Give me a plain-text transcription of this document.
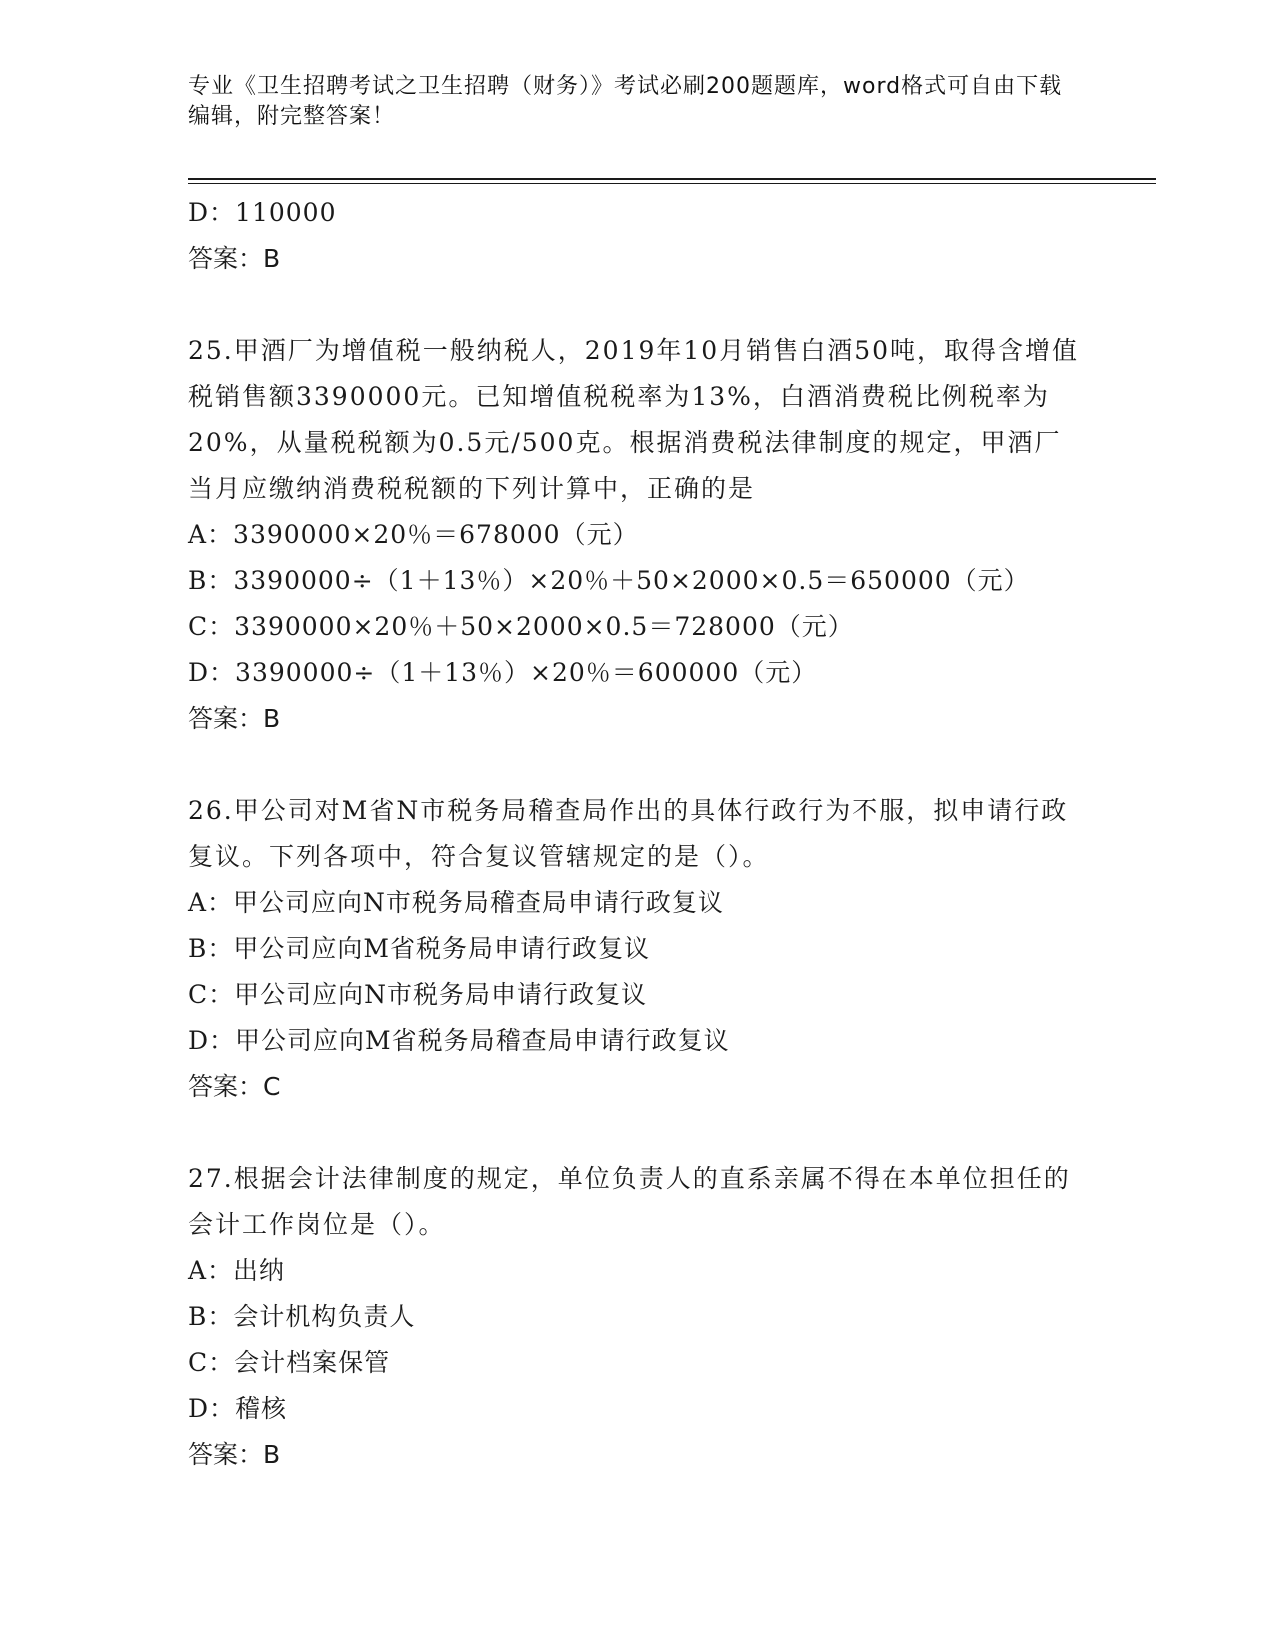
专业《卫生招聘考试之卫生招聘（财务）》考试必刷200题题库，word格式可自由下载编辑，附完整答案！
D：110000
答案：B
25.甲酒厂为增值税一般纳税人，2019年10月销售白酒50吨，取得含增值税销售额3390000元。已知增值税税率为13%，白酒消费税比例税率为20%，从量税税额为0.5元/500克。根据消费税法律制度的规定，甲酒厂当月应缴纳消费税税额的下列计算中，正确的是
A：3390000×20％＝678000（元）
B：3390000÷（1＋13％）×20％＋50×2000×0.5＝650000（元）
C：3390000×20％＋50×2000×0.5＝728000（元）
D：3390000÷（1＋13％）×20％＝600000（元）
答案：B
26.甲公司对M省N市税务局稽查局作出的具体行政行为不服，拟申请行政复议。下列各项中，符合复议管辖规定的是（）。
A：甲公司应向N市税务局稽查局申请行政复议
B：甲公司应向M省税务局申请行政复议
C：甲公司应向N市税务局申请行政复议
D：甲公司应向M省税务局稽查局申请行政复议
答案：C
27.根据会计法律制度的规定，单位负责人的直系亲属不得在本单位担任的会计工作岗位是（）。
A：出纳
B：会计机构负责人
C：会计档案保管
D：稽核
答案：B
